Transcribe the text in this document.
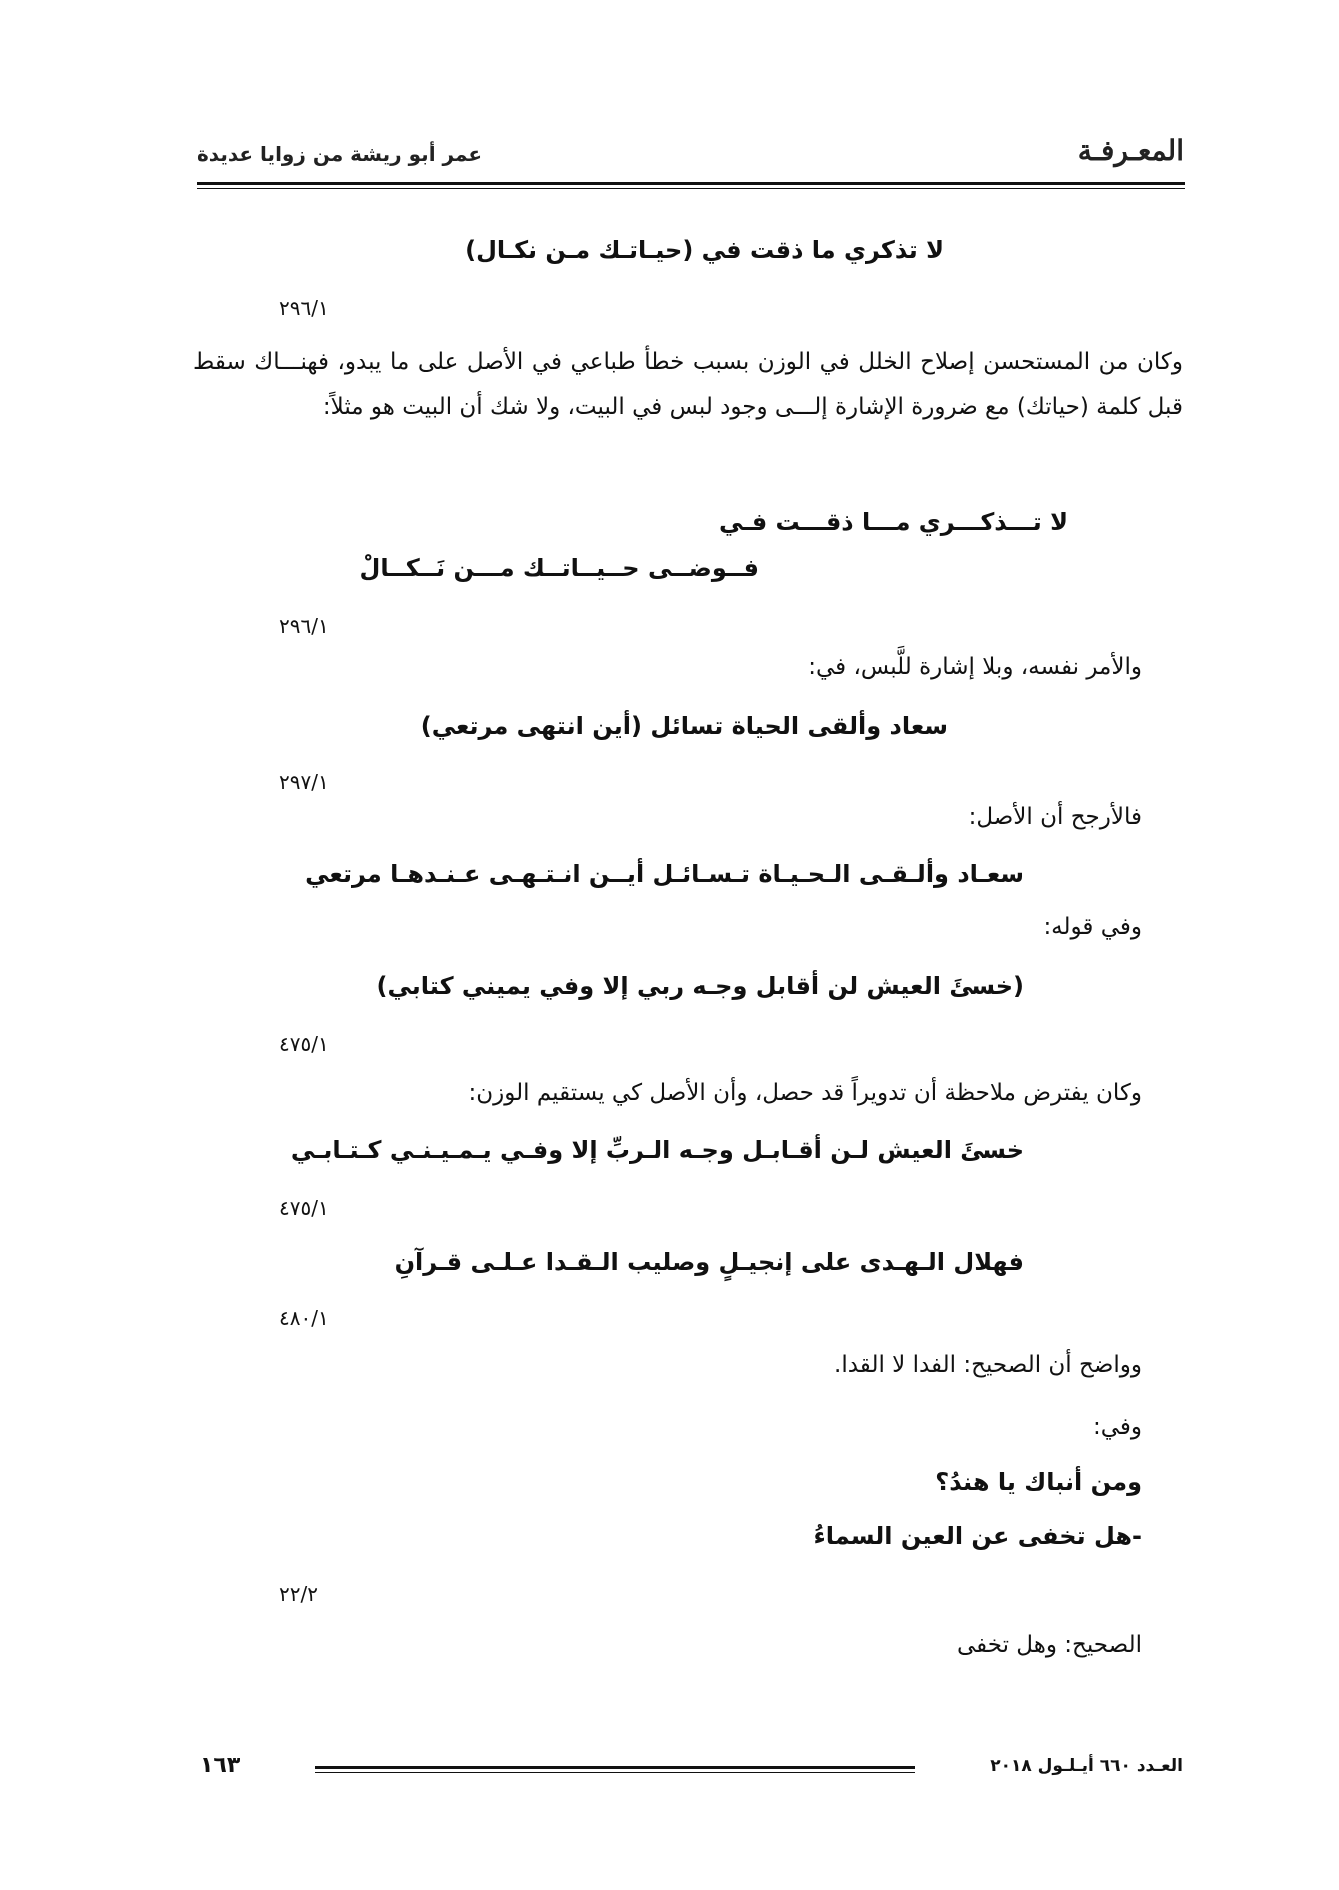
المعـرفـة
عمر أبو ريشة من زوايا عديدة
لا تذكري ما ذقت في (حيـاتـك مـن نكـال)
٢٩٦/١
وكان من المستحسن إصلاح الخلل في الوزن بسبب خطأ طباعي في الأصل على ما يبدو، فهنـــاك سقط قبل كلمة (حياتك) مع ضرورة الإشارة إلـــى وجود لبس في البيت، ولا شك أن البيت هو مثلاً:
لا تـــذكـــري مـــا ذقـــت فـي
فــوضــى حــيــاتــك مـــن نَــكــالْ
٢٩٦/١
والأمر نفسه، وبلا إشارة للَّبس، في:
سعاد وألقى الحياة تسائل (أين انتهى مرتعي)
٢٩٧/١
فالأرجح أن الأصل:
سعـاد وألـقـى الـحـيـاة تـسـائـل أيــن انـتـهـى عـنـدهـا مرتعي
وفي قوله:
(خسئَ العيش لن أقابل وجـه ربي إلا وفي يميني كتابي)
٤٧٥/١
وكان يفترض ملاحظة أن تدويراً قد حصل، وأن الأصل كي يستقيم الوزن:
خسئَ العيش لـن أقـابـل وجـه الـربِّ إلا وفـي يـمـيـنـي كـتـابـي
٤٧٥/١
فهلال الـهـدى على إنجيـلٍ وصليب الـقـدا عـلـى قـرآنِ
٤٨٠/١
وواضح أن الصحيح: الفدا لا القدا.
وفي:
ومن أنباك يا هندُ؟
-هل تخفى عن العين السماءُ
٢٢/٢
الصحيح: وهل تخفى
١٦٣	العـدد ٦٦٠ أيـلـول ٢٠١٨
